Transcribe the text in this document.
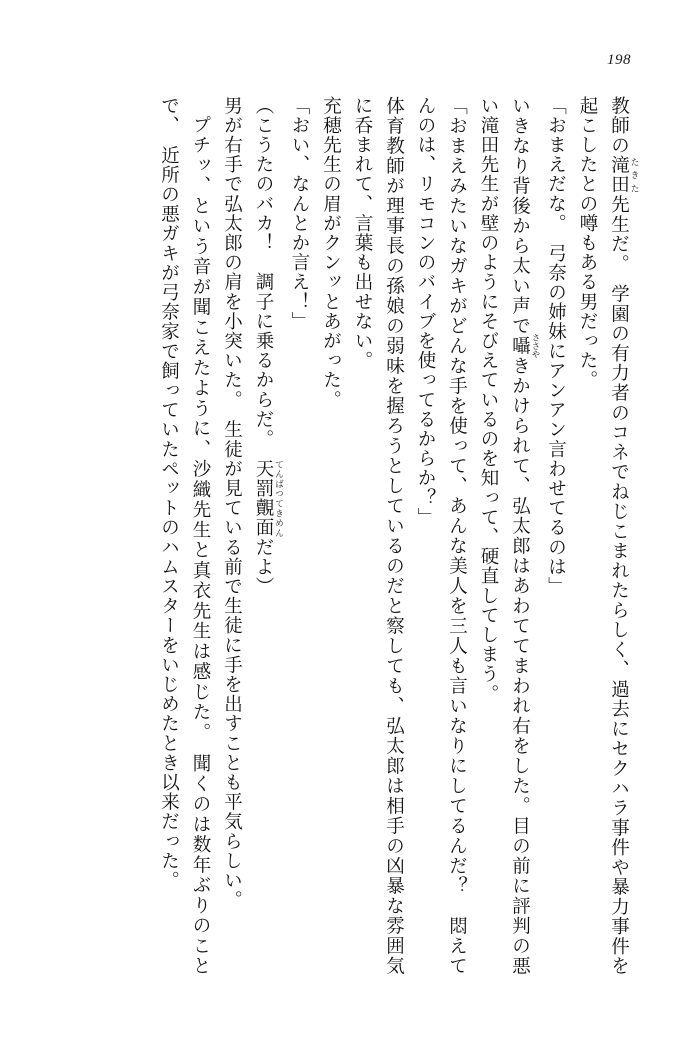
198

教師の滝田 たきた先生だ。　学園の有力者のコネでねじこまれたらしく、過去にセクハラ事件や暴力事件を起こしたとの噂もある男だった。

「おまえだな。　弓奈の姉妹にアンアン言わせてるのは」

いきなり背後から太い声で囁 ささやきかけられて、弘太郎はあわててまわれ右をした。目の前に評判の悪い滝田先生が壁のようにそびえているのを知って、硬直してしまう。

「おまえみたいなガキがどんな手を使って、あんな美人を三人も言いなりにしてるんだ？　悶えてんのは、リモコンのバイブを使ってるからか？」

体育教師が理事長の孫娘の弱味を握ろうとしているのだと察しても、弘太郎は相手の凶暴な雰囲気に呑まれて、言葉も出せない。

充穂先生の眉がクンッとあがった。

「おい、なんとか言え！」

（こうたのバカ！　調子に乗るからだ。　天罰覿面 てんばつてきめんだよ）

男が右手で弘太郎の肩を小突いた。　生徒が見ている前で生徒に手を出すことも平気らしい。

プチッ、という音が聞こえたように、沙織先生と真衣先生は感じた。　聞くのは数年ぶりのことで、　近所の悪ガキが弓奈家で飼っていたペットのハムスターをいじめたとき以来だった。
